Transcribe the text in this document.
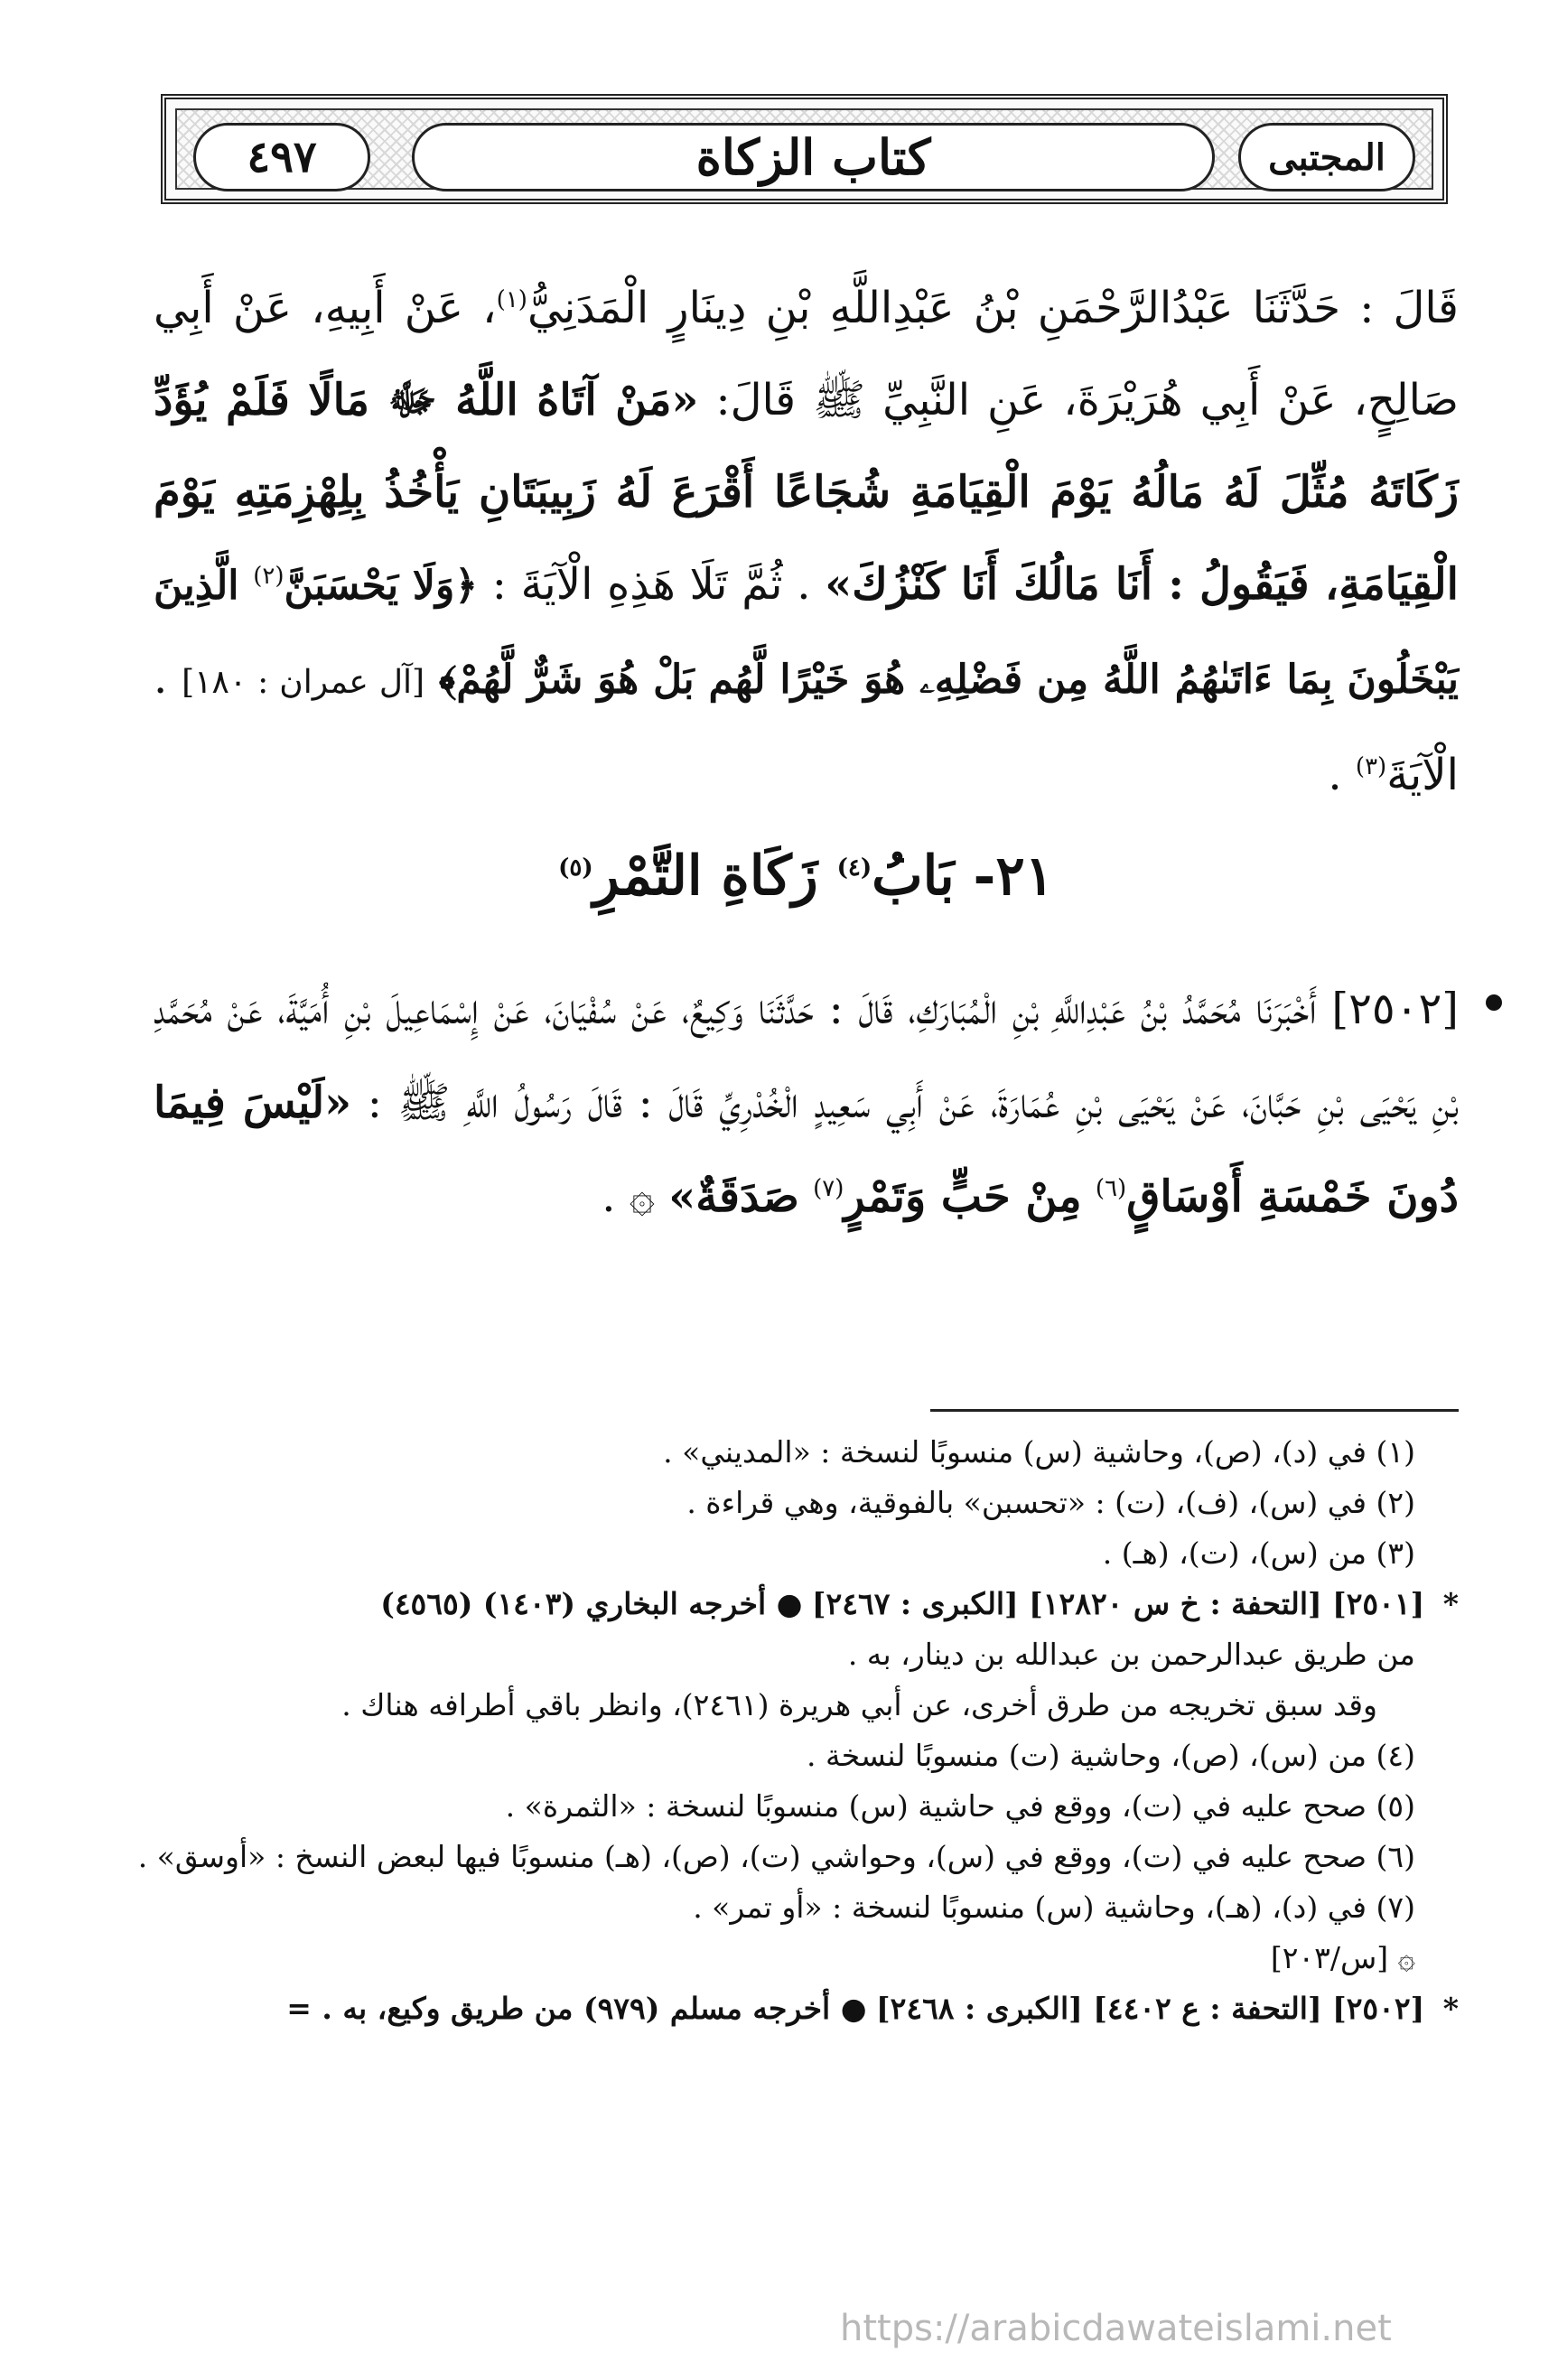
المجتبى
كتاب الزكاة
٤٩٧

قَالَ : حَدَّثَنَا عَبْدُالرَّحْمَنِ بْنُ عَبْدِاللَّهِ بْنِ دِينَارٍ الْمَدَنِيُّ$^{(١)}$، عَنْ أَبِيهِ، عَنْ أَبِي صَالِحٍ، عَنْ أَبِي هُرَيْرَةَ، عَنِ النَّبِيِّ ﷺ قَالَ: «مَنْ آتَاهُ اللَّهُ ﷻ مَالًا فَلَمْ يُؤَدِّ زَكَاتَهُ مُثِّلَ لَهُ مَالُهُ يَوْمَ الْقِيَامَةِ شُجَاعًا أَقْرَعَ لَهُ زَبِيبَتَانِ يَأْخُذُ بِلِهْزِمَتِهِ يَوْمَ الْقِيَامَةِ، فَيَقُولُ : أَنَا مَالُكَ أَنَا كَنْزُكَ» . ثُمَّ تَلَا هَذِهِ الْآيَةَ : ﴿وَلَا يَحْسَبَنَّ$^{(٢)}$ الَّذِينَ يَبْخَلُونَ بِمَا ءَاتَىٰهُمُ اللَّهُ مِن فَضْلِهِۦ هُوَ خَيْرًا لَّهُم بَلْ هُوَ شَرٌّ لَّهُمْ﴾ [آل عمران : ١٨٠] . الْآيَةَ$^{(٣)}$ .

٢١- بَابُ$^{(٤)}$ زَكَاةِ التَّمْرِ$^{(٥)}$
[٢٥٠٢] أَخْبَرَنَا مُحَمَّدُ بْنُ عَبْدِاللَّهِ بْنِ الْمُبَارَكِ، قَالَ : حَدَّثَنَا وَكِيعٌ، عَنْ سُفْيَانَ، عَنْ إِسْمَاعِيلَ بْنِ أُمَيَّةَ، عَنْ مُحَمَّدِ بْنِ يَحْيَى بْنِ حَبَّانَ، عَنْ يَحْيَى بْنِ عُمَارَةَ، عَنْ أَبِي سَعِيدٍ الْخُدْرِيِّ قَالَ : قَالَ رَسُولُ اللَّهِ ﷺ : «لَيْسَ فِيمَا دُونَ خَمْسَةِ أَوْسَاقٍ$^{(٦)}$ مِنْ حَبٍّ وَتَمْرٍ$^{(٧)}$ صَدَقَةٌ» ۞ .

(١) في (د)، (ص)، وحاشية (س) منسوبًا لنسخة : «المديني» .

(٢) في (س)، (ف)، (ت) : «تحسبن» بالفوقية، وهي قراءة .

(٣) من (س)، (ت)، (هـ) .

* [٢٥٠١] [التحفة : خ س ١٢٨٢٠] [الكبرى : ٢٤٦٧] ● أخرجه البخاري (١٤٠٣) (٤٥٦٥)

من طريق عبدالرحمن بن عبدالله بن دينار، به .

وقد سبق تخريجه من طرق أخرى، عن أبي هريرة (٢٤٦١)، وانظر باقي أطرافه هناك .

(٤) من (س)، (ص)، وحاشية (ت) منسوبًا لنسخة .

(٥) صحح عليه في (ت)، ووقع في حاشية (س) منسوبًا لنسخة : «الثمرة» .

(٦) صحح عليه في (ت)، ووقع في (س)، وحواشي (ت)، (ص)، (هـ) منسوبًا فيها لبعض النسخ : «أوسق» .

(٧) في (د)، (هـ)، وحاشية (س) منسوبًا لنسخة : «أو تمر» .

۞ [س/٢٠٣]

* [٢٥٠٢] [التحفة : ع ٤٤٠٢] [الكبرى : ٢٤٦٨] ● أخرجه مسلم (٩٧٩) من طريق وكيع، به . =

https://arabicdawateislami.net
